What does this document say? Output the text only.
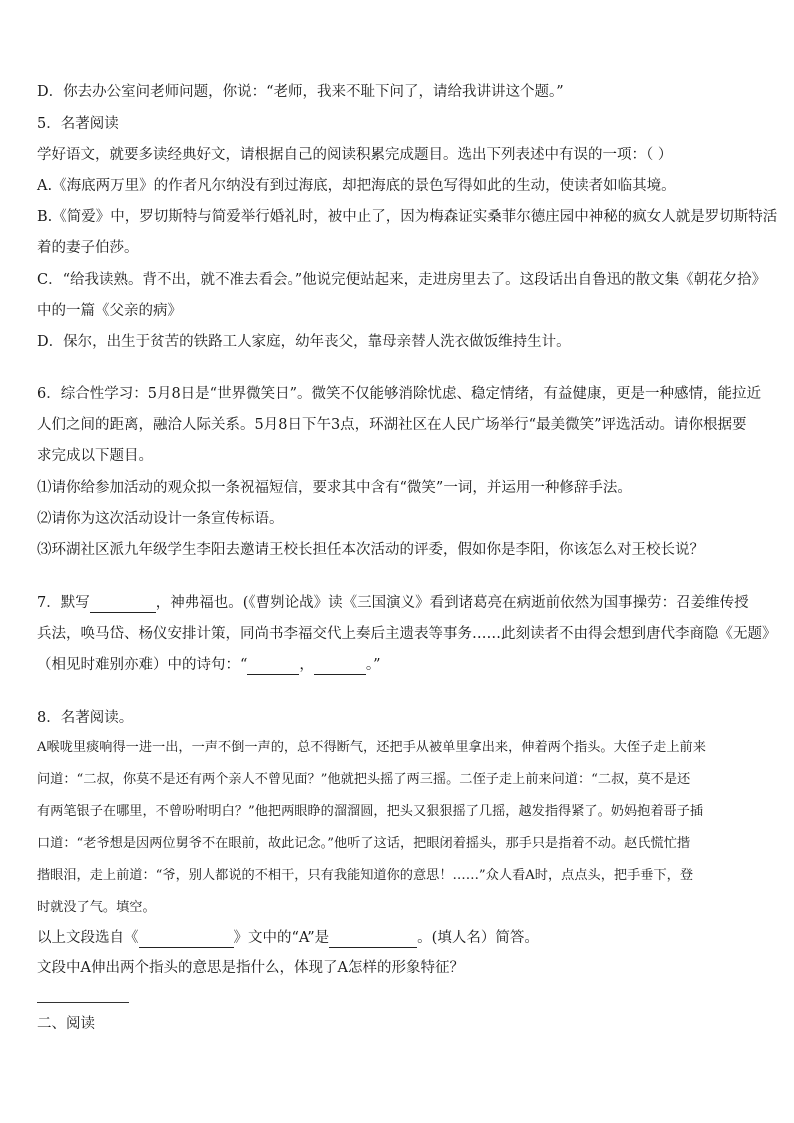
D．你去办公室问老师问题，你说：“老师，我来不耻下问了，请给我讲讲这个题。”
5．名著阅读
学好语文，就要多读经典好文，请根据自己的阅读积累完成题目。选出下列表述中有误的一项：（ ）
A.《海底两万里》的作者凡尔纳没有到过海底，却把海底的景色写得如此的生动，使读者如临其境。
B.《简爱》中，罗切斯特与简爱举行婚礼时，被中止了，因为梅森证实桑菲尔德庄园中神秘的疯女人就是罗切斯特活
着的妻子伯莎。
C．“给我读熟。背不出，就不准去看会。”他说完便站起来，走进房里去了。这段话出自鲁迅的散文集《朝花夕拾》
中的一篇《父亲的病》
D．保尔，出生于贫苦的铁路工人家庭，幼年丧父，靠母亲替人洗衣做饭维持生计。
6．综合性学习：5月8日是“世界微笑日”。微笑不仅能够消除忧虑、稳定情绪，有益健康，更是一种感情，能拉近
人们之间的距离，融洽人际关系。5月8日下午3点，环湖社区在人民广场举行“最美微笑”评选活动。请你根据要
求完成以下题目。
⑴请你给参加活动的观众拟一条祝福短信，要求其中含有“微笑”一词，并运用一种修辞手法。
⑵请你为这次活动设计一条宣传标语。
⑶环湖社区派九年级学生李阳去邀请王校长担任本次活动的评委，假如你是李阳，你该怎么对王校长说？
7．默写	，神弗福也。(《曹刿论战》读《三国演义》看到诸葛亮在病逝前依然为国事操劳：召姜维传授
兵法，唤马岱、杨仪安排计策，同尚书李福交代上奏后主遗表等事务……此刻读者不由得会想到唐代李商隐《无题》
（相见时难别亦难）中的诗句：“	，	。”
8．名著阅读。
A喉咙里痰响得一进一出，一声不倒一声的，总不得断气，还把手从被单里拿出来，伸着两个指头。大侄子走上前来
问道：“二叔，你莫不是还有两个亲人不曾见面？”他就把头摇了两三摇。二侄子走上前来问道：“二叔，莫不是还
有两笔银子在哪里，不曾吩咐明白？”他把两眼睁的溜溜圆，把头又狠狠摇了几摇，越发指得紧了。奶妈抱着哥子插
口道：“老爷想是因两位舅爷不在眼前，故此记念。”他听了这话，把眼闭着摇头，那手只是指着不动。赵氏慌忙揩
揩眼泪，走上前道：“爷，别人都说的不相干，只有我能知道你的意思！……”众人看A时，点点头，把手垂下，登
时就没了气。填空。
以上文段选自《	》文中的“A”是	。(填人名）简答。
文段中A伸出两个指头的意思是指什么，体现了A怎样的形象特征？
二、阅读
